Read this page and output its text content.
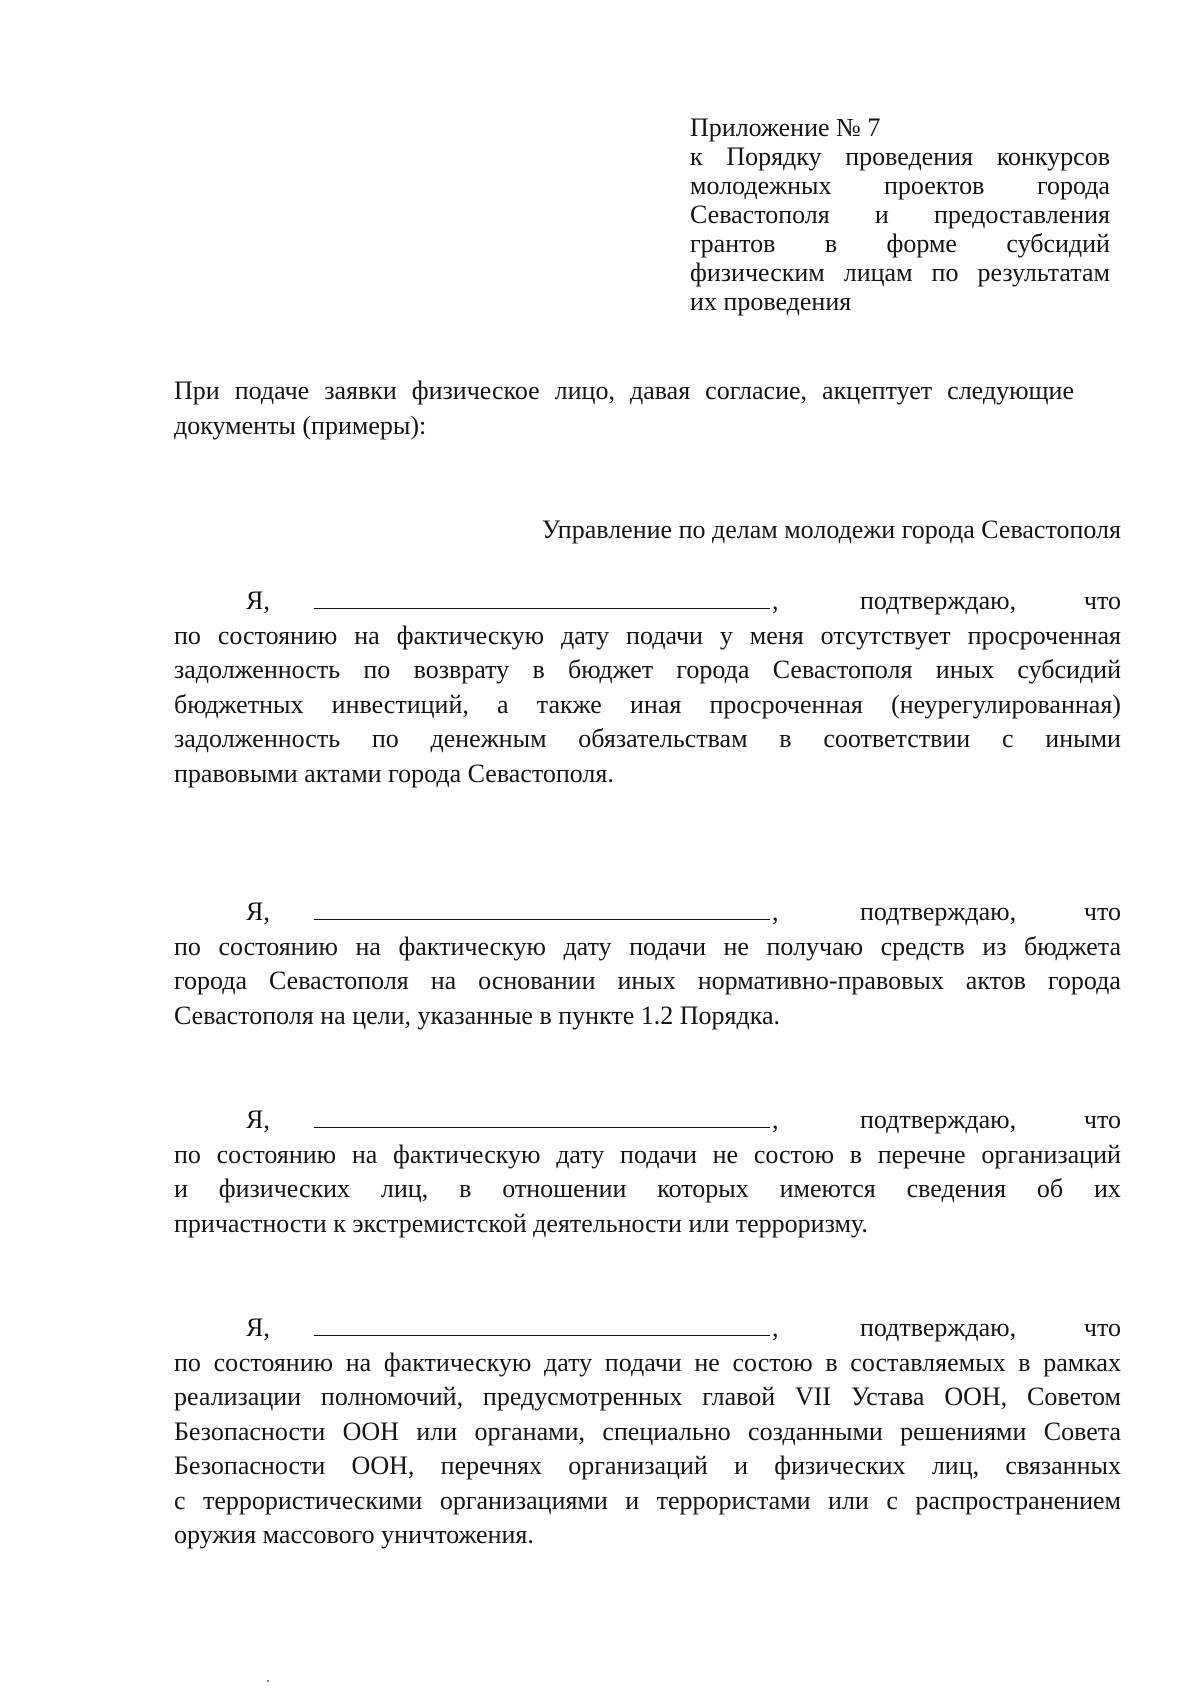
Приложение № 7
к Порядку проведения конкурсов
молодежных проектов города
Севастополя и предоставления
грантов в форме субсидий
физическим лицам по результатам
их проведения
При подаче заявки физическое лицо, давая согласие, акцептует следующие
документы (примеры):
Управление по делам молодежи города Севастополя
Я,	,	подтверждаю,	что
по состоянию на фактическую дату подачи у меня отсутствует просроченная
задолженность по возврату в бюджет города Севастополя иных субсидий
бюджетных инвестиций, а также иная просроченная (неурегулированная)
задолженность по денежным обязательствам в соответствии с иными
правовыми актами города Севастополя.
Я,	,	подтверждаю,	что
по состоянию на фактическую дату подачи не получаю средств из бюджета
города Севастополя на основании иных нормативно-правовых актов города
Севастополя на цели, указанные в пункте 1.2 Порядка.
Я,	,	подтверждаю,	что
по состоянию на фактическую дату подачи не состою в перечне организаций
и физических лиц, в отношении которых имеются сведения об их
причастности к экстремистской деятельности или терроризму.
Я,	,	подтверждаю,	что
по состоянию на фактическую дату подачи не состою в составляемых в рамках
реализации полномочий, предусмотренных главой VII Устава ООН, Советом
Безопасности ООН или органами, специально созданными решениями Совета
Безопасности ООН, перечнях организаций и физических лиц, связанных
с террористическими организациями и террористами или с распространением
оружия массового уничтожения.
